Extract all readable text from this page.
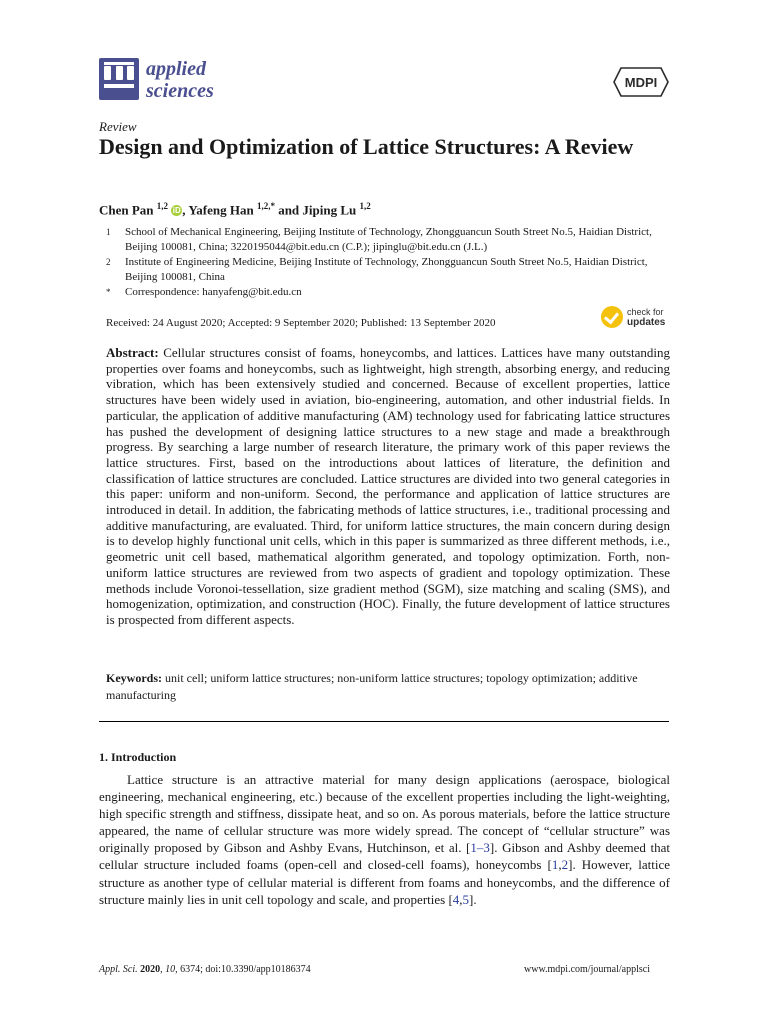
applied
sciences	MDPI
Review
Design and Optimization of Lattice Structures: A Review
Chen Pan $^{1,2}$ iD , Yafeng Han $^{1,2,*}$ and Jiping Lu $^{1,2}$
1 School of Mechanical Engineering, Beijing Institute of Technology, Zhongguancun South Street No.5, Haidian District, Beijing 100081, China; 3220195044@bit.edu.cn (C.P.); jipinglu@bit.edu.cn (J.L.)
2 Institute of Engineering Medicine, Beijing Institute of Technology, Zhongguancun South Street No.5, Haidian District, Beijing 100081, China
* Correspondence: hanyafeng@bit.edu.cn
Received: 24 August 2020; Accepted: 9 September 2020; Published: 13 September 2020
check for
updates
Abstract: Cellular structures consist of foams, honeycombs, and lattices. Lattices have many outstanding properties over foams and honeycombs, such as lightweight, high strength, absorbing energy, and reducing vibration, which has been extensively studied and concerned. Because of excellent properties, lattice structures have been widely used in aviation, bio-engineering, automation, and other industrial fields. In particular, the application of additive manufacturing (AM) technology used for fabricating lattice structures has pushed the development of designing lattice structures to a new stage and made a breakthrough progress. By searching a large number of research literature, the primary work of this paper reviews the lattice structures. First, based on the introductions about lattices of literature, the definition and classification of lattice structures are concluded. Lattice structures are divided into two general categories in this paper: uniform and non-uniform. Second, the performance and application of lattice structures are introduced in detail. In addition, the fabricating methods of lattice structures, i.e., traditional processing and additive manufacturing, are evaluated. Third, for uniform lattice structures, the main concern during design is to develop highly functional unit cells, which in this paper is summarized as three different methods, i.e., geometric unit cell based, mathematical algorithm generated, and topology optimization. Forth, non-uniform lattice structures are reviewed from two aspects of gradient and topology optimization. These methods include Voronoi-tessellation, size gradient method (SGM), size matching and scaling (SMS), and homogenization, optimization, and construction (HOC). Finally, the future development of lattice structures is prospected from different aspects.
Keywords: unit cell; uniform lattice structures; non-uniform lattice structures; topology optimization; additive manufacturing
1. Introduction
Lattice structure is an attractive material for many design applications (aerospace, biological engineering, mechanical engineering, etc.) because of the excellent properties including the light-weighting, high specific strength and stiffness, dissipate heat, and so on. As porous materials, before the lattice structure appeared, the name of cellular structure was more widely spread. The concept of “cellular structure” was originally proposed by Gibson and Ashby Evans, Hutchinson, et al. [1–3]. Gibson and Ashby deemed that cellular structure included foams (open-cell and closed-cell foams), honeycombs [1,2]. However, lattice structure as another type of cellular material is different from foams and honeycombs, and the difference of structure mainly lies in unit cell topology and scale, and properties [4,5].
Appl. Sci. 2020, 10, 6374; doi:10.3390/app10186374	www.mdpi.com/journal/applsci
